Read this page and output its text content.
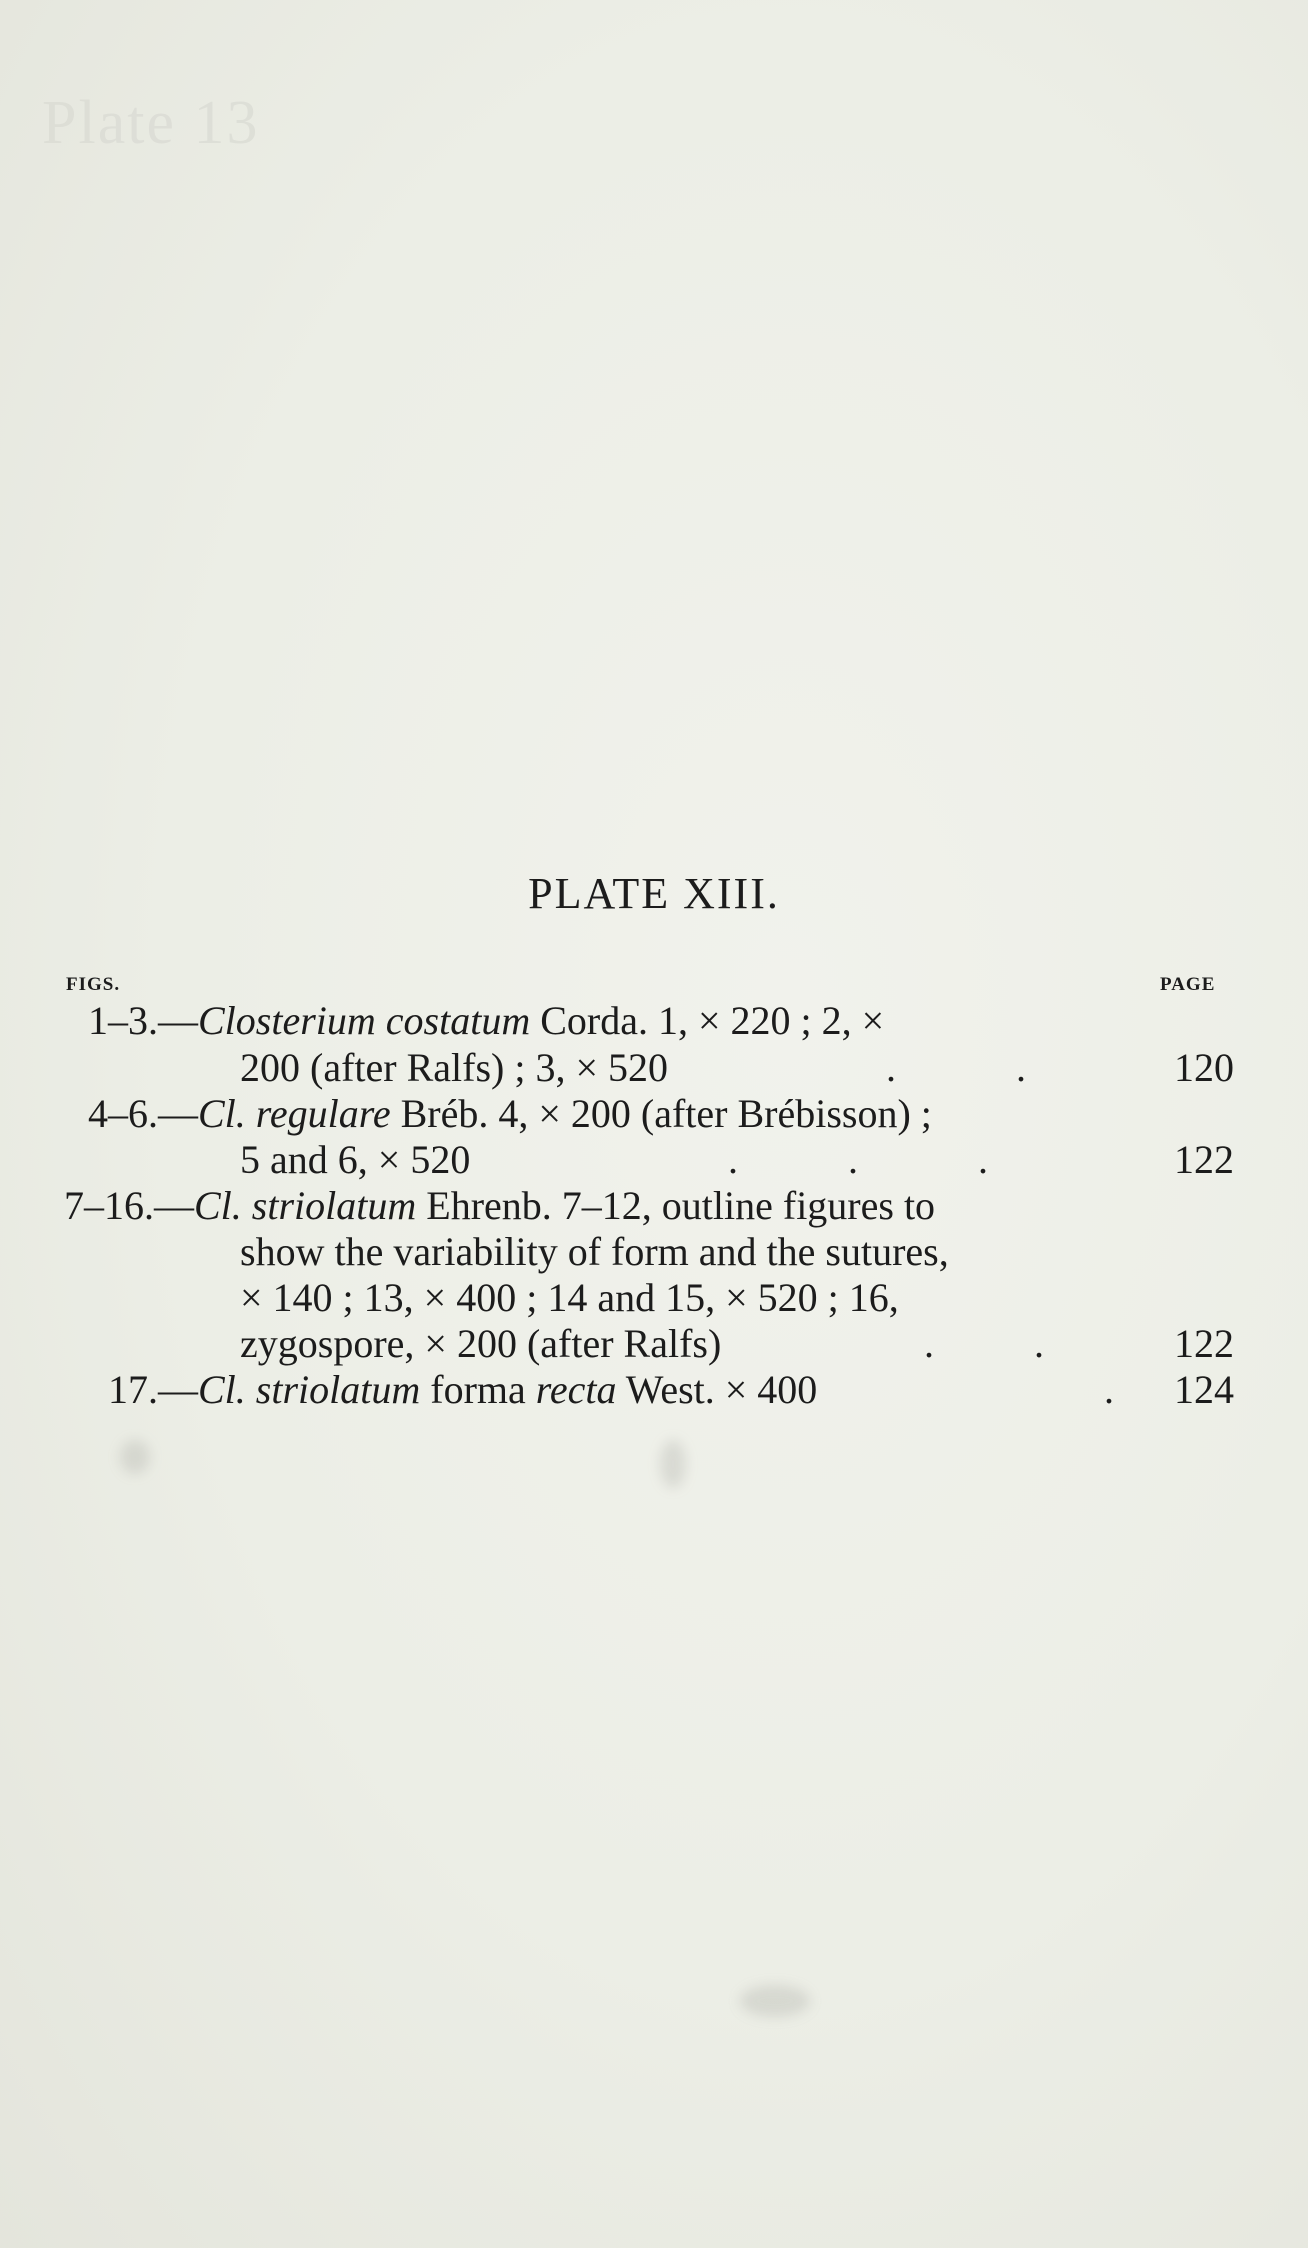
Plate 13
PLATE XIII.
FIGS.	PAGE
1–3.—Closterium costatum Corda. 1, × 220 ; 2, ×
200 (after Ralfs) ; 3, × 520	.            .	120
4–6.—Cl. regulare Bréb. 4, × 200 (after Brébisson) ;
5 and 6, × 520	.           .            .	122
7–16.—Cl. striolatum Ehrenb. 7–12, outline figures to
show the variability of form and the sutures,
× 140 ; 13, × 400 ; 14 and 15, × 520 ; 16,
zygospore, × 200 (after Ralfs)	.          .	122
17.—Cl. striolatum forma recta West. × 400	.	124
